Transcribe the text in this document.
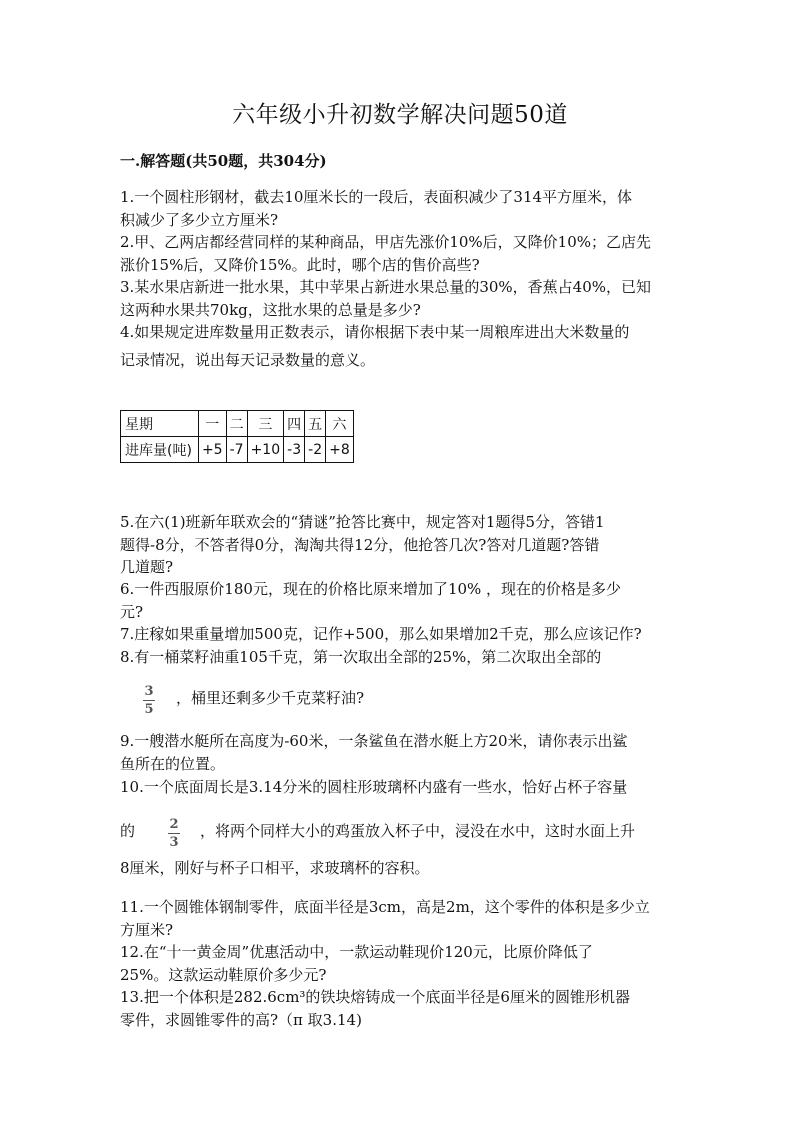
六年级小升初数学解决问题50道
一.解答题(共50题，共304分)
1.一个圆柱形钢材，截去10厘米长的一段后，表面积减少了314平方厘米，体
积减少了多少立方厘米?
2.甲、乙两店都经营同样的某种商品，甲店先涨价10%后，又降价10%；乙店先
涨价15%后，又降价15%。此时，哪个店的售价高些?
3.某水果店新进一批水果，其中苹果占新进水果总量的30%，香蕉占40%，已知
这两种水果共70kg，这批水果的总量是多少?
4.如果规定进库数量用正数表示，请你根据下表中某一周粮库进出大米数量的
记录情况，说出每天记录数量的意义。
星期	一	二	三	四	五	六
进库量(吨)	+5	-7	+10	-3	-2	+8
5.在六(1)班新年联欢会的“猜谜”抢答比赛中，规定答对1题得5分，答错1
题得-8分，不答者得0分，淘淘共得12分，他抢答几次?答对几道题?答错
几道题?
6.一件西服原价180元，现在的价格比原来增加了10% ，现在的价格是多少
元?
7.庄稼如果重量增加500克，记作+500，那么如果增加2千克，那么应该记作?
8.有一桶菜籽油重105千克，第一次取出全部的25%，第二次取出全部的
3
5
，桶里还剩多少千克菜籽油?
9.一艘潜水艇所在高度为-60米，一条鲨鱼在潜水艇上方20米，请你表示出鲨
鱼所在的位置。
10.一个底面周长是3.14分米的圆柱形玻璃杯内盛有一些水，恰好占杯子容量
的	2
3
，将两个同样大小的鸡蛋放入杯子中，浸没在水中，这时水面上升
8厘米，刚好与杯子口相平，求玻璃杯的容积。
11.一个圆锥体钢制零件，底面半径是3cm，高是2m，这个零件的体积是多少立
方厘米?
12.在“十一黄金周”优惠活动中，一款运动鞋现价120元，比原价降低了
25%。这款运动鞋原价多少元?
13.把一个体积是282.6cm³的铁块熔铸成一个底面半径是6厘米的圆锥形机器
零件，求圆锥零件的高?（π 取3.14)
